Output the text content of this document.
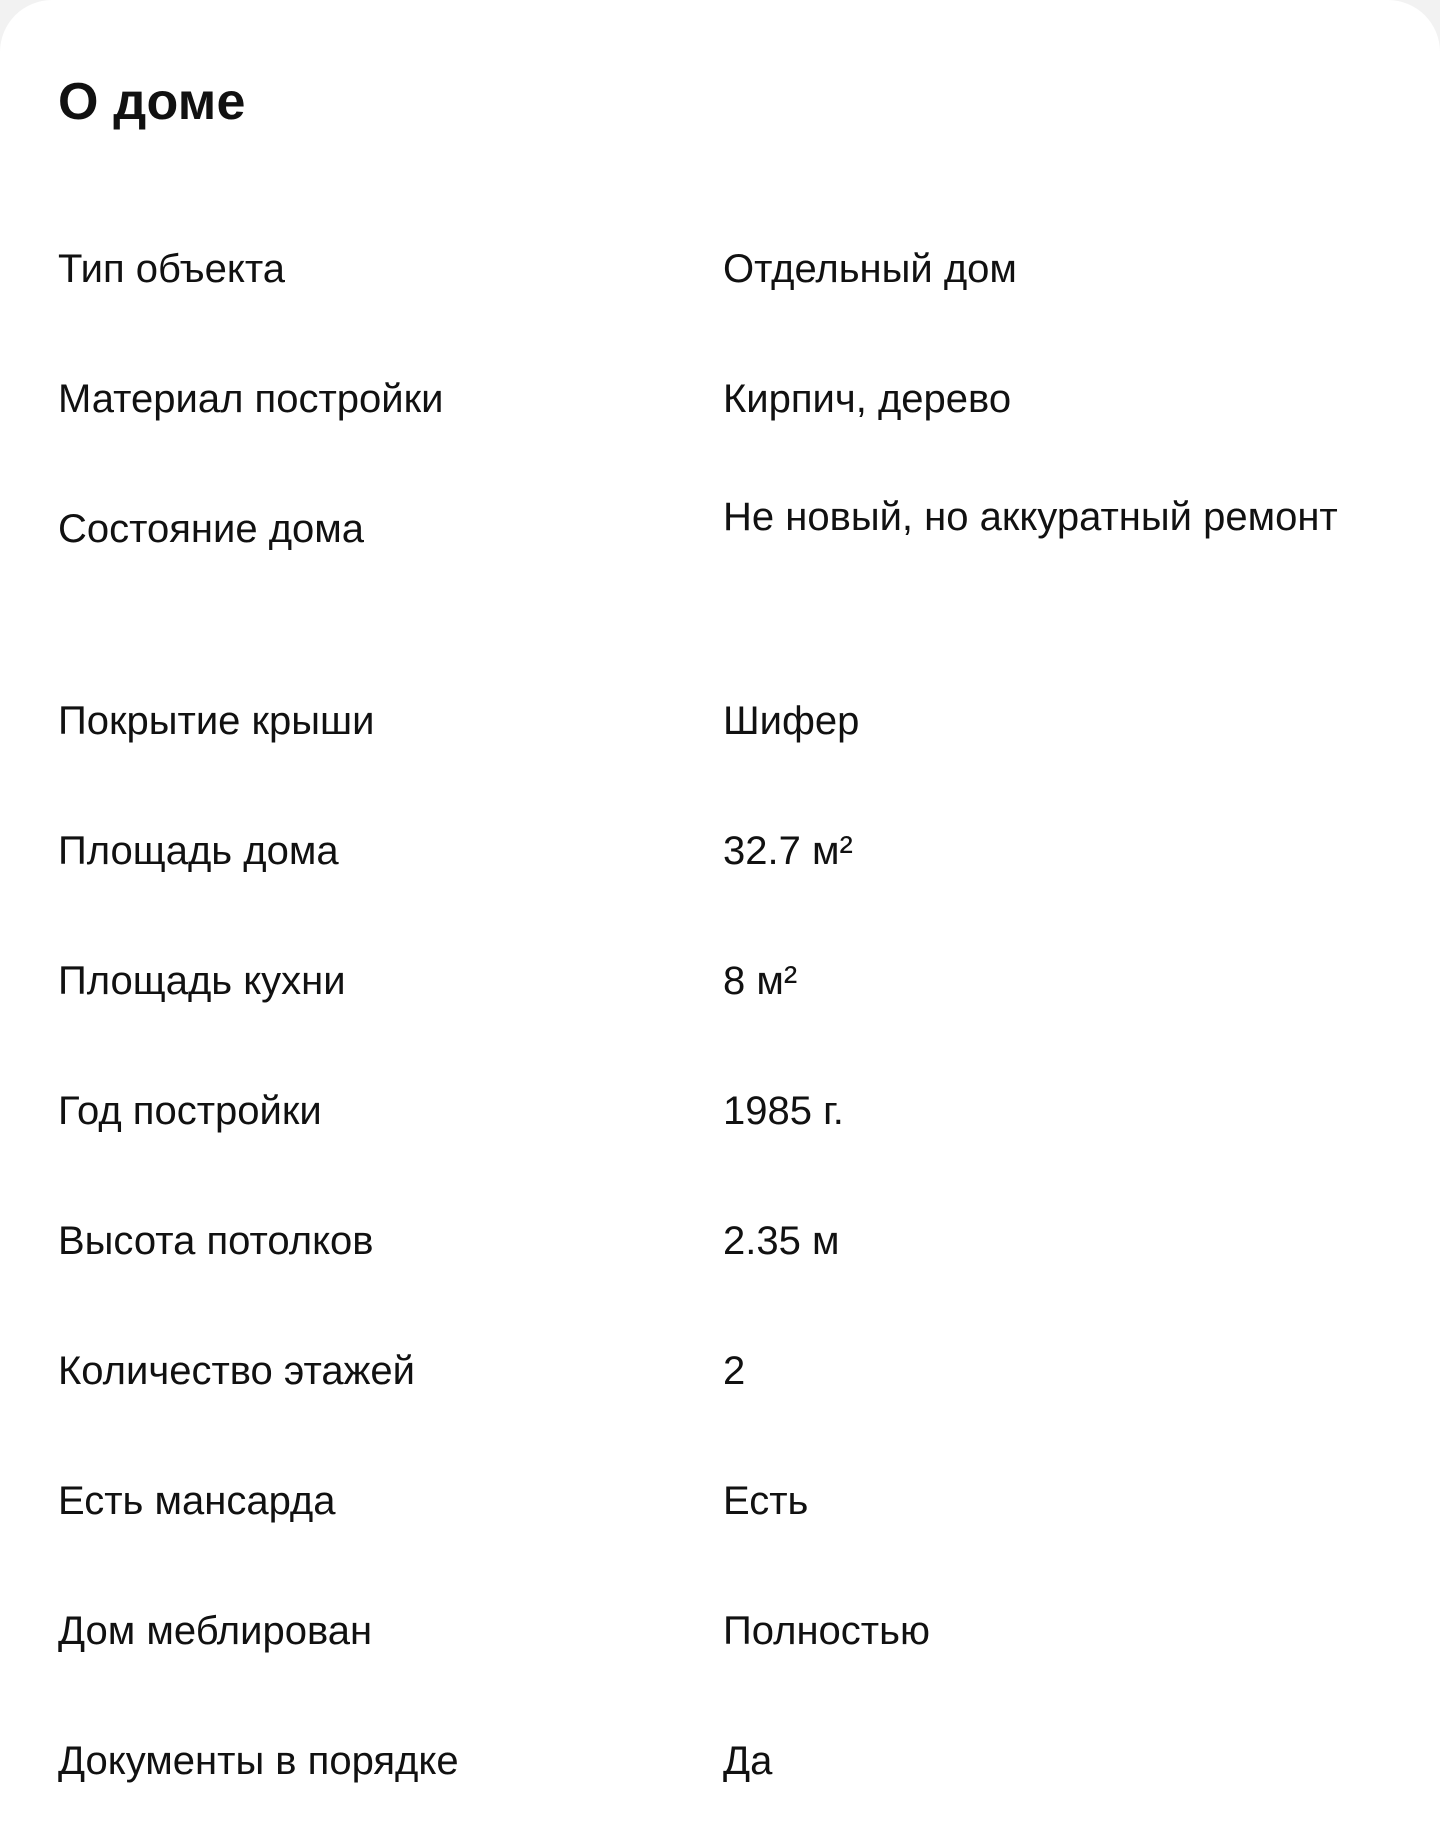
О доме
Тип объекта	Отдельный дом
Материал постройки	Кирпич, дерево
Состояние дома	Не новый, но аккуратный ремонт
Покрытие крыши	Шифер
Площадь дома	32.7 м²
Площадь кухни	8 м²
Год постройки	1985 г.
Высота потолков	2.35 м
Количество этажей	2
Есть мансарда	Есть
Дом меблирован	Полностью
Документы в порядке	Да
